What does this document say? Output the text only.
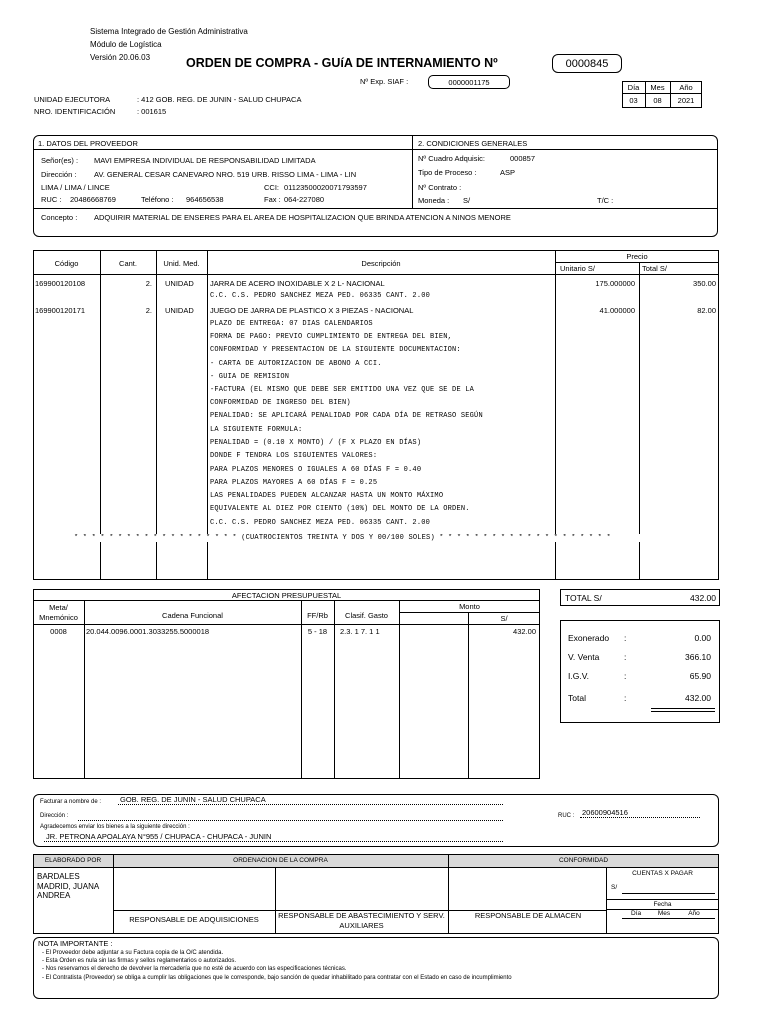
Sistema Integrado de Gestión Administrativa
Módulo de Logística
Versión 20.06.03	ORDEN DE COMPRA - GUíA DE INTERNAMIENTO Nº	0000845
Nº Exp. SIAF :	0000001175
Día	Mes	Año
03	08	2021
UNIDAD EJECUTORA	: 412 GOB. REG. DE JUNIN - SALUD CHUPACA
NRO. IDENTIFICACIÓN	: 001615
1. DATOS DEL PROVEEDOR	2. CONDICIONES GENERALES
Señor(es) : MAVI EMPRESA INDIVIDUAL DE RESPONSABILIDAD LIMITADA
Dirección : AV. GENERAL CESAR CANEVARO NRO. 519 URB. RISSO LIMA - LIMA - LIN
LIMA / LIMA / LINCE	CCI: 01123500020071793597
RUC : 20486668769	Teléfono : 964656538	Fax : 064-227080
Nº Cuadro Adquisic:	000857
Tipo de Proceso :	ASP
Nº Contrato :
Moneda : S/	T/C :
Concepto : ADQUIRIR MATERIAL DE ENSERES PARA EL AREA DE HOSPITALIZACION QUE BRINDA ATENCION A NINOS MENORE
Código	Cant.	Unid. Med.	Descripción
Precio
Unitario S/	Total S/
169900120108	2. UNIDAD JARRA DE ACERO INOXIDABLE X 2 L- NACIONAL	175.000000	350.00
C.C. C.S. PEDRO SANCHEZ MEZA PED. 06335 CANT. 2.00
169900120171	2. UNIDAD JUEGO DE JARRA DE PLASTICO X 3 PIEZAS - NACIONAL	41.000000	82.00
PLAZO DE ENTREGA: 07 DIAS CALENDARIOS
FORMA DE PAGO: PREVIO CUMPLIMIENTO DE ENTREGA DEL BIEN,
CONFORMIDAD Y PRESENTACION DE LA SIGUIENTE DOCUMENTACION:
- CARTA DE AUTORIZACION DE ABONO A CCI.
- GUIA DE REMISION
-FACTURA (EL MISMO QUE DEBE SER EMITIDO UNA VEZ QUE SE DE LA
CONFORMIDAD DE INGRESO DEL BIEN)
PENALIDAD: SE APLICARÁ PENALIDAD POR CADA DÍA DE RETRASO SEGÚN
LA SIGUIENTE FORMULA:
PENALIDAD = (0.10 X MONTO) / (F X PLAZO EN DÍAS)
DONDE F TENDRA LOS SIGUIENTES VALORES:
PARA PLAZOS MENORES O IGUALES A 60 DÍAS F = 0.40
PARA PLAZOS MAYORES A 60 DÍAS F = 0.25
LAS PENALIDADES PUEDEN ALCANZAR HASTA UN MONTO MÁXIMO
EQUIVALENTE AL DIEZ POR CIENTO (10%) DEL MONTO DE LA ORDEN.
C.C. C.S. PEDRO SANCHEZ MEZA PED. 06335 CANT. 2.00
* * * * * * * * * * * * * * * * * * * (CUATROCIENTOS TREINTA Y DOS Y 00/100 SOLES) * * * * * * * * * * * * * * * * * * * *
AFECTACION PRESUPUESTAL
Meta/
Mnemónico	Cadena Funcional	FF/Rb	Clasif. Gasto
Monto
S/
0008	20.044.0096.0001.3033255.5000018	5 - 18	2.3. 1 7. 1 1	432.00
TOTAL S/	432.00
Exonerado :	0.00
V. Venta	:	366.10
I.G.V.	:	65.90
Total	:	432.00
Facturar a nombre de :	GOB. REG. DE JUNIN - SALUD CHUPACA
Dirección :	RUC : 20600904516
Agradecemos enviar los bienes a la siguiente dirección :
JR. PETRONA APOALAYA N°955 / CHUPACA - CHUPACA - JUNIN
ELABORADO POR	ORDENACION DE LA COMPRA	CONFORMIDAD
BARDALES MADRID, JUANA ANDREA
RESPONSABLE DE ADQUISICIONES	RESPONSABLE DE ABASTECIMIENTO Y SERV. AUXILIARES
RESPONSABLE DE ALMACEN
CUENTAS X PAGAR
S/
Fecha
Día	Mes	Año
NOTA IMPORTANTE :
- El Proveedor debe adjuntar a su Factura copia de la O/C atendida.
- Esta Orden es nula sin las firmas y sellos reglamentarios o autorizados.
- Nos reservamos el derecho de devolver la mercadería que no esté de acuerdo con las especificaciones técnicas.
- El Contratista (Proveedor) se obliga a cumplir las obligaciones que le corresponde, bajo sanción de quedar inhabilitado para contratar con el Estado en caso de incumplimiento
